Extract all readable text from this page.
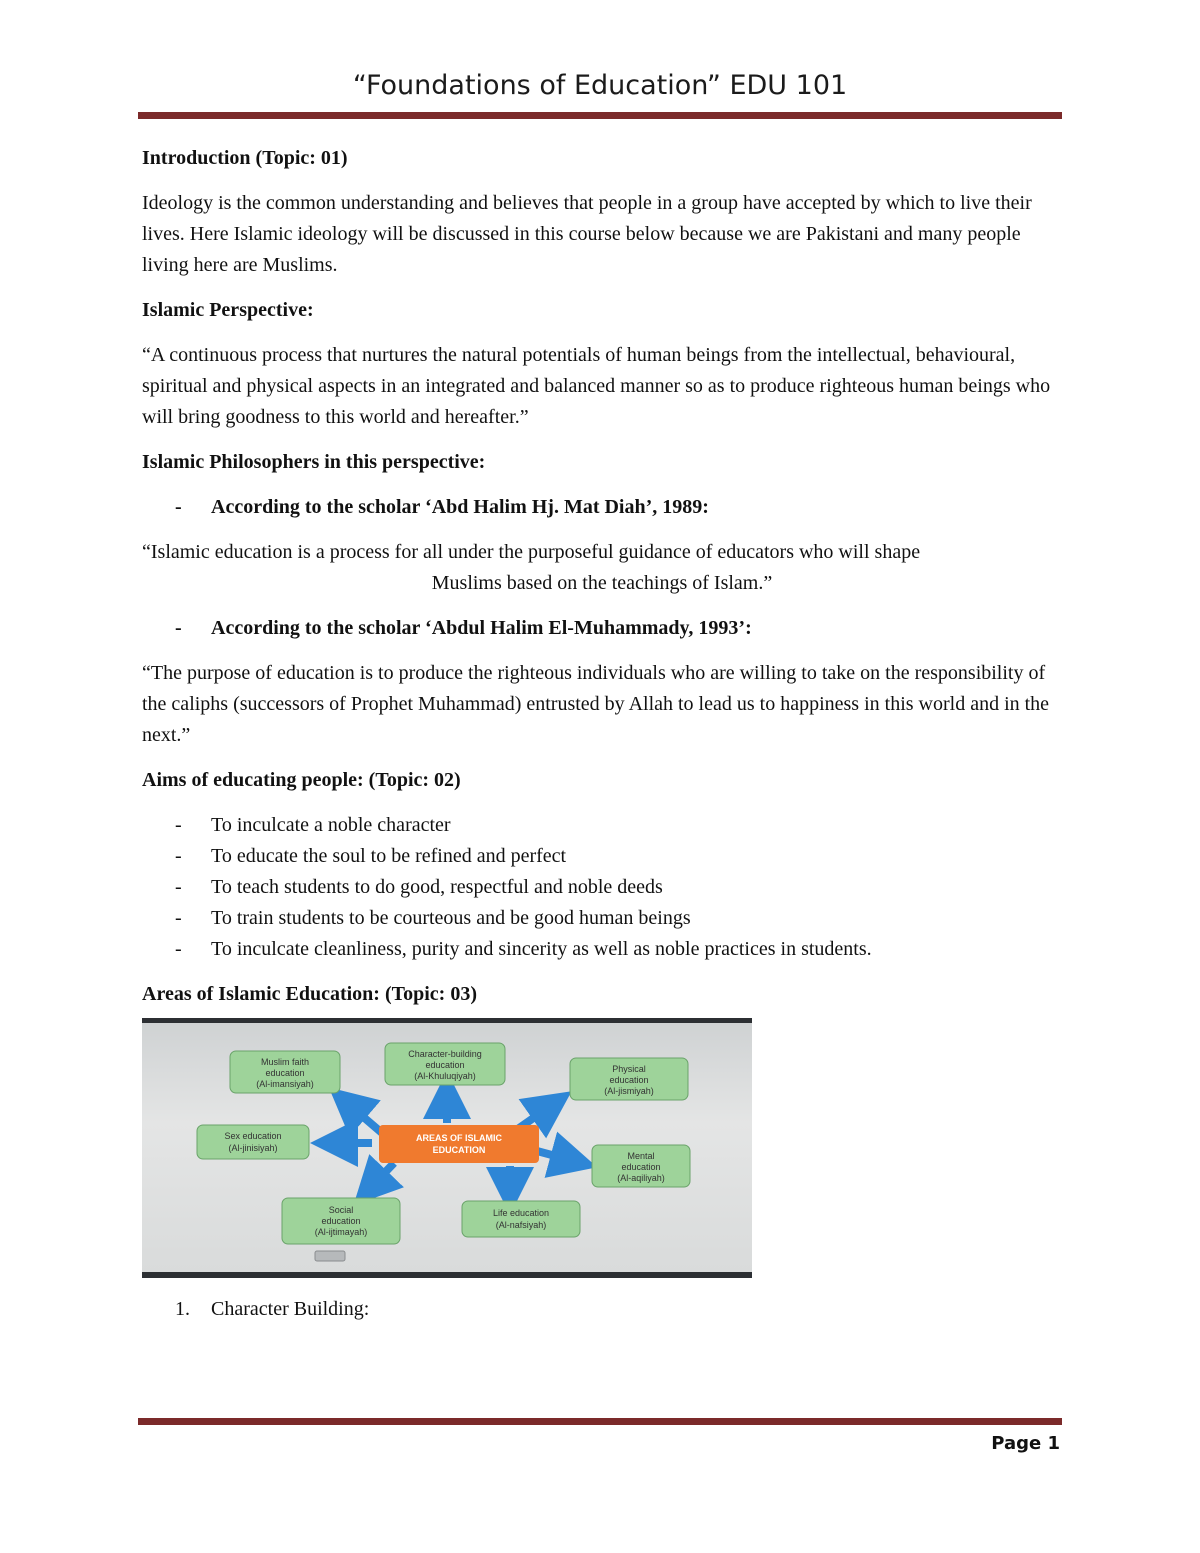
“Foundations of Education” EDU 101

Introduction (Topic: 01)

Ideology is the common understanding and believes that people in a group have accepted by which to live their lives. Here Islamic ideology will be discussed in this course below because we are Pakistani and many people living here are Muslims.

Islamic Perspective:

“A continuous process that nurtures the natural potentials of human beings from the intellectual, behavioural, spiritual and physical aspects in an integrated and balanced manner so as to produce righteous human beings who will bring goodness to this world and hereafter.”

Islamic Philosophers in this perspective:

- According to the scholar ‘Abd Halim Hj. Mat Diah’, 1989:

“Islamic education is a process for all under the purposeful guidance of educators who will shape

Muslims based on the teachings of Islam.”

- According to the scholar ‘Abdul Halim El-Muhammady, 1993’:

“The purpose of education is to produce the righteous individuals who are willing to take on the responsibility of the caliphs (successors of Prophet Muhammad) entrusted by Allah to lead us to happiness in this world and in the next.”

Aims of educating people: (Topic: 02)

- To inculcate a noble character
- To educate the soul to be refined and perfect
- To teach students to do good, respectful and noble deeds
- To train students to be courteous and be good human beings
- To inculcate cleanliness, purity and sincerity as well as noble practices in students.

Areas of Islamic Education: (Topic: 03)

AREAS OF ISLAMIC
EDUCATION
Muslim faith
education
(Al-imansiyah)
Character-building
education
(Al-Khuluqiyah)
Physical
education
(Al-jismiyah)
Sex education
(Al-jinisiyah)
Mental
education
(Al-aqiliyah)
Social
education
(Al-ijtimayah)
Life education
(Al-nafsiyah)

1. Character Building:

Page 1
